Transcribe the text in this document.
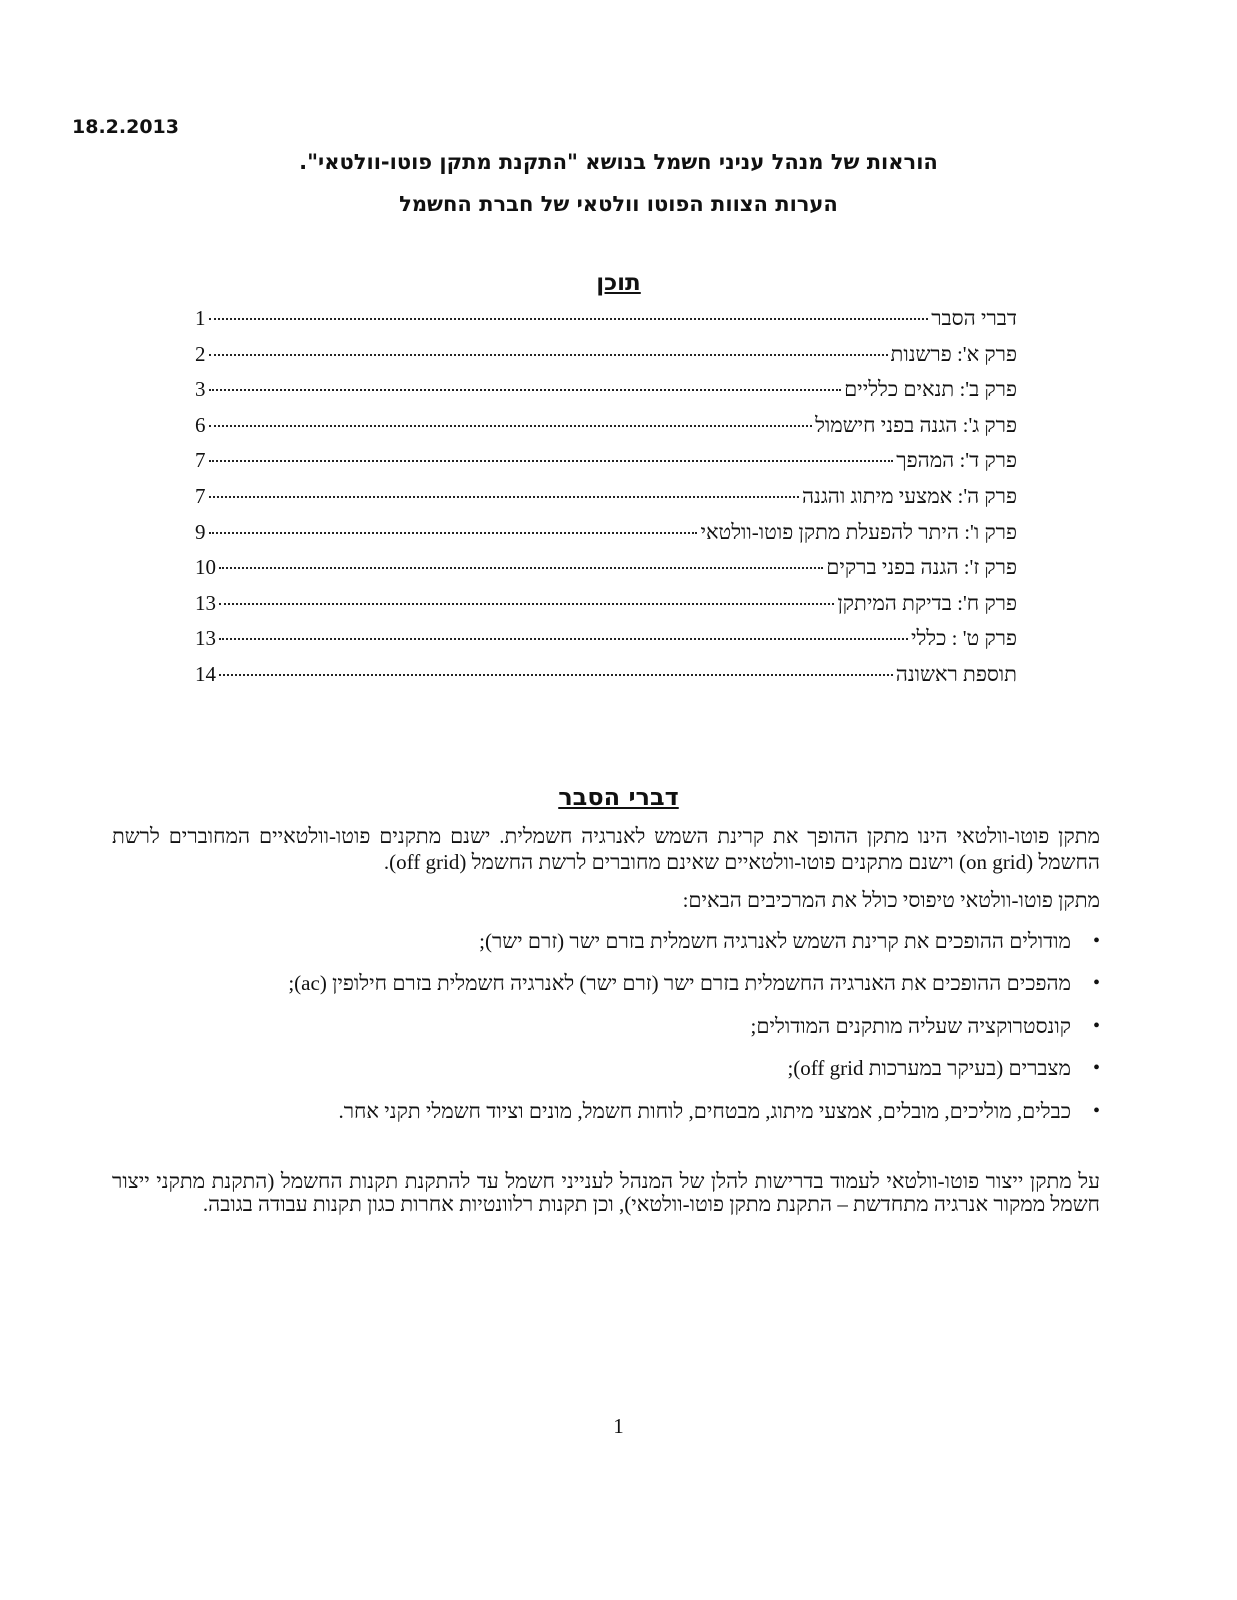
18.2.2013
הוראות של מנהל עניני חשמל בנושא "התקנת מתקן פוטו-וולטאי".
הערות הצוות הפוטו וולטאי של חברת החשמל
תוכן
דברי הסבר
1
פרק א': פרשנות
2
פרק ב': תנאים כלליים
3
פרק ג': הגנה בפני חישמול
6
פרק ד': המהפך
7
פרק ה': אמצעי מיתוג והגנה
7
פרק ו': היתר להפעלת מתקן פוטו-וולטאי
9
פרק ז': הגנה בפני ברקים
10
פרק ח': בדיקת המיתקן
13
פרק ט' : כללי
13
תוספת ראשונה
14
דברי הסבר

מתקן פוטו-וולטאי הינו מתקן ההופך את קרינת השמש לאנרגיה חשמלית. ישנם מתקנים פוטו-וולטאיים המחוברים לרשת החשמל (on grid) וישנם מתקנים פוטו-וולטאיים שאינם מחוברים לרשת החשמל (off grid).

מתקן פוטו-וולטאי טיפוסי כולל את המרכיבים הבאים:

• מודולים ההופכים את קרינת השמש לאנרגיה חשמלית בזרם ישר (זרם ישר);
• מהפכים ההופכים את האנרגיה החשמלית בזרם ישר (זרם ישר) לאנרגיה חשמלית בזרם חילופין (ac);
• קונסטרוקציה שעליה מותקנים המודולים;
• מצברים (בעיקר במערכות off grid);
• כבלים, מוליכים, מובלים, אמצעי מיתוג, מבטחים, לוחות חשמל, מונים וציוד חשמלי תקני אחר.

על מתקן ייצור פוטו-וולטאי לעמוד בדרישות להלן של המנהל לענייני חשמל עד להתקנת תקנות החשמל (התקנת מתקני ייצור חשמל ממקור אנרגיה מתחדשת – התקנת מתקן פוטו-וולטאי), וכן תקנות רלוונטיות אחרות כגון תקנות עבודה בגובה.

1
